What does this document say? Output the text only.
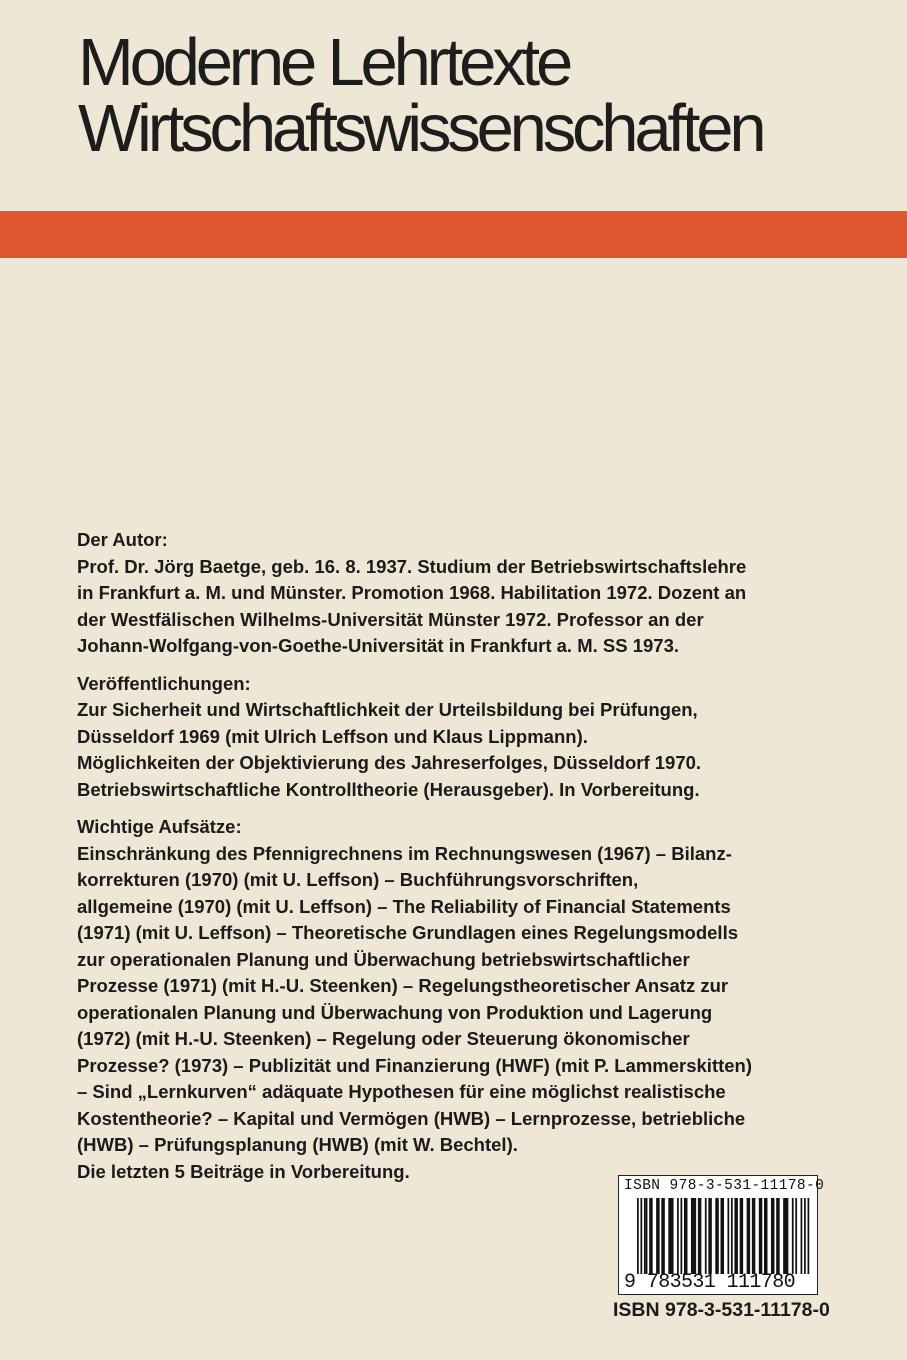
Moderne Lehrtexte
Wirtschaftswissenschaften

Der Autor:

Prof. Dr. Jörg Baetge, geb. 16. 8. 1937. Studium der Betriebswirtschaftslehre
in Frankfurt a. M. und Münster. Promotion 1968. Habilitation 1972. Dozent an
der Westfälischen Wilhelms-Universität Münster 1972. Professor an der
Johann-Wolfgang-von-Goethe-Universität in Frankfurt a. M. SS 1973.

Veröffentlichungen:

Zur Sicherheit und Wirtschaftlichkeit der Urteilsbildung bei Prüfungen,
Düsseldorf 1969 (mit Ulrich Leffson und Klaus Lippmann).
Möglichkeiten der Objektivierung des Jahreserfolges, Düsseldorf 1970.
Betriebswirtschaftliche Kontrolltheorie (Herausgeber). In Vorbereitung.

Wichtige Aufsätze:

Einschränkung des Pfennigrechnens im Rechnungswesen (1967) – Bilanz-
korrekturen (1970) (mit U. Leffson) – Buchführungsvorschriften,
allgemeine (1970) (mit U. Leffson) – The Reliability of Financial Statements
(1971) (mit U. Leffson) – Theoretische Grundlagen eines Regelungsmodells
zur operationalen Planung und Überwachung betriebswirtschaftlicher
Prozesse (1971) (mit H.-U. Steenken) – Regelungstheoretischer Ansatz zur
operationalen Planung und Überwachung von Produktion und Lagerung
(1972) (mit H.-U. Steenken) – Regelung oder Steuerung ökonomischer
Prozesse? (1973) – Publizität und Finanzierung (HWF) (mit P. Lammerskitten)
– Sind „Lernkurven“ adäquate Hypothesen für eine möglichst realistische
Kostentheorie? – Kapital und Vermögen (HWB) – Lernprozesse, betriebliche
(HWB) – Prüfungsplanung (HWB) (mit W. Bechtel).
Die letzten 5 Beiträge in Vorbereitung.

ISBN 978-3-531-11178-0
9 783531 111780
ISBN 978-3-531-11178-0
